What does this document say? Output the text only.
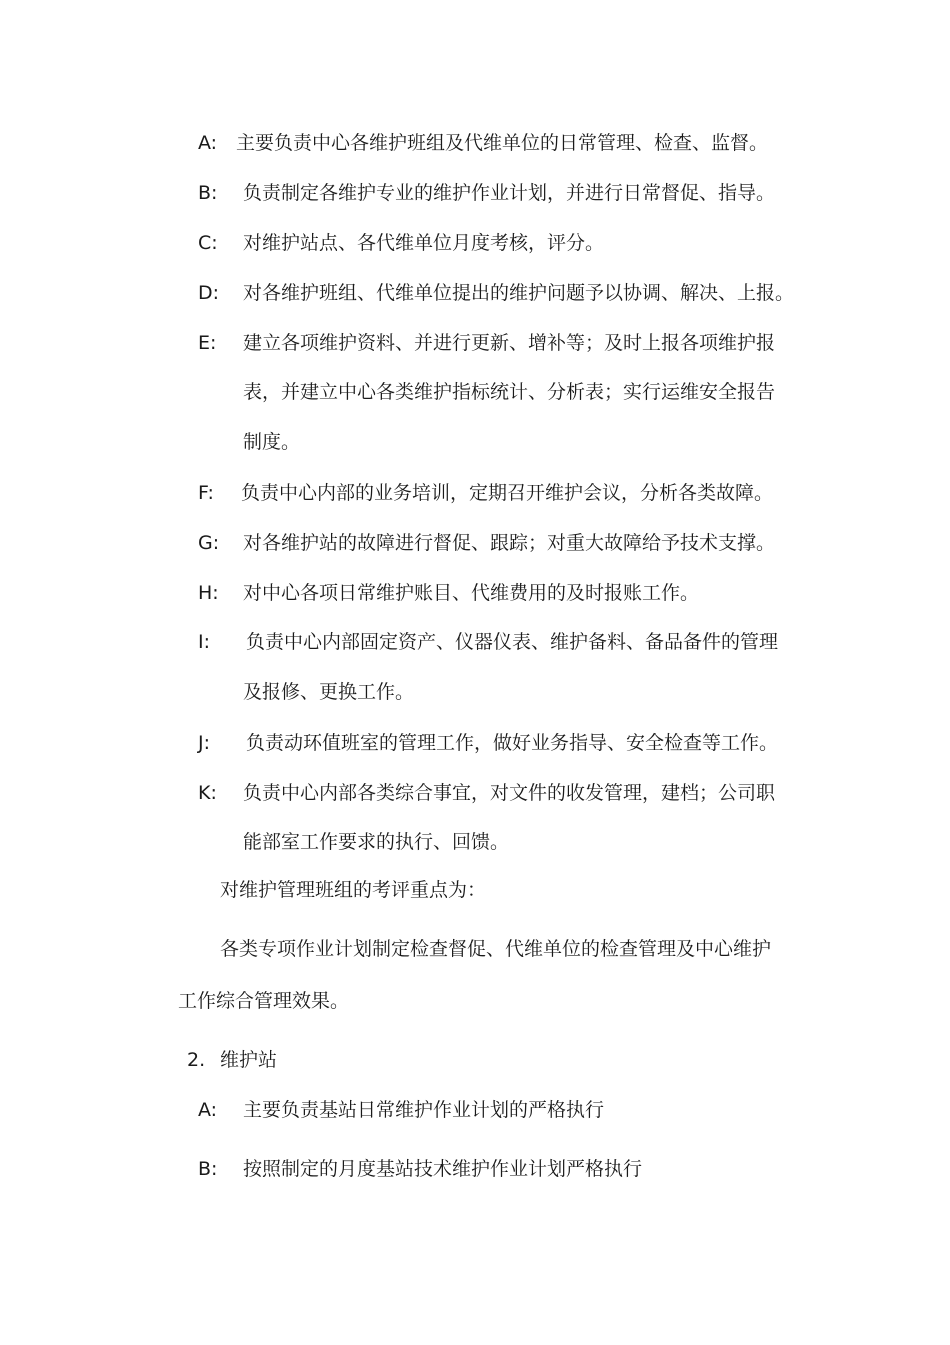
A: 主要负责中心各维护班组及代维单位的日常管理、检查、监督。
B: 负责制定各维护专业的维护作业计划，并进行日常督促、指导。
C: 对维护站点、各代维单位月度考核，评分。
D: 对各维护班组、代维单位提出的维护问题予以协调、解决、上报。
E: 建立各项维护资料、并进行更新、增补等；及时上报各项维护报
表，并建立中心各类维护指标统计、分析表；实行运维安全报告
制度。
F: 负责中心内部的业务培训，定期召开维护会议，分析各类故障。
G: 对各维护站的故障进行督促、跟踪；对重大故障给予技术支撑。
H: 对中心各项日常维护账目、代维费用的及时报账工作。
I: 负责中心内部固定资产、仪器仪表、维护备料、备品备件的管理
及报修、更换工作。
J: 负责动环值班室的管理工作，做好业务指导、安全检查等工作。
K: 负责中心内部各类综合事宜，对文件的收发管理，建档；公司职
能部室工作要求的执行、回馈。
对维护管理班组的考评重点为：
各类专项作业计划制定检查督促、代维单位的检查管理及中心维护
工作综合管理效果。
2. 维护站
A: 主要负责基站日常维护作业计划的严格执行
B: 按照制定的月度基站技术维护作业计划严格执行
